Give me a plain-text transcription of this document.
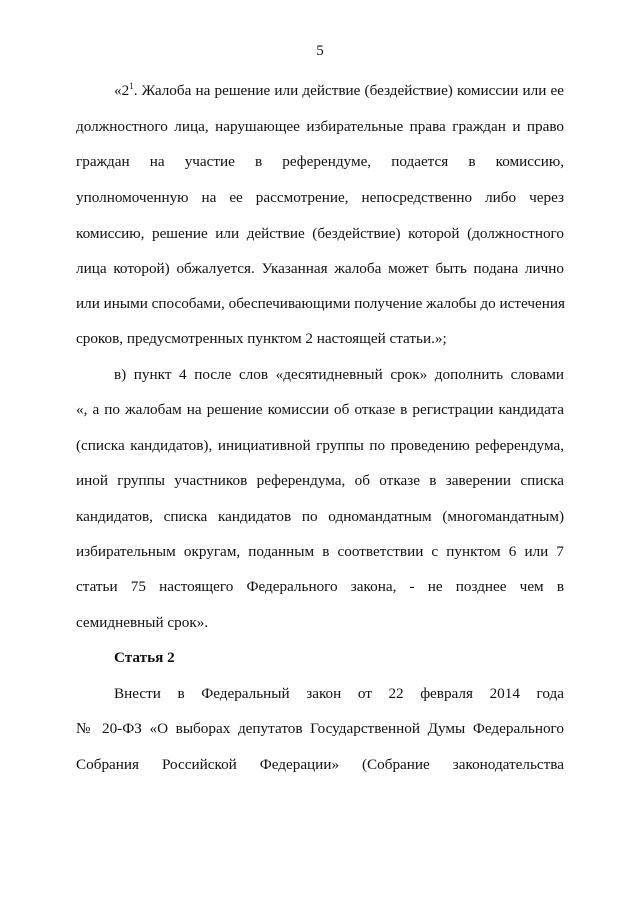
5
«$2^1$. Жалоба на решение или действие (бездействие) комиссии или ее
должностного лица, нарушающее избирательные права граждан и право
граждан на участие в референдуме, подается в комиссию,
уполномоченную на ее рассмотрение, непосредственно либо через
комиссию, решение или действие (бездействие) которой (должностного
лица которой) обжалуется. Указанная жалоба может быть подана лично
или иными способами, обеспечивающими получение жалобы до истечения
сроков, предусмотренных пунктом 2 настоящей статьи.»;
в) пункт 4 после слов «десятидневный срок» дополнить словами
«, а по жалобам на решение комиссии об отказе в регистрации кандидата
(списка кандидатов), инициативной группы по проведению референдума,
иной группы участников референдума, об отказе в заверении списка
кандидатов, списка кандидатов по одномандатным (многомандатным)
избирательным округам, поданным в соответствии с пунктом 6 или 7
статьи 75 настоящего Федерального закона, - не позднее чем в
семидневный срок».
Статья 2
Внести в Федеральный закон от 22 февраля 2014 года
№ 20-ФЗ «О выборах депутатов Государственной Думы Федерального
Собрания Российской Федерации» (Собрание законодательства
